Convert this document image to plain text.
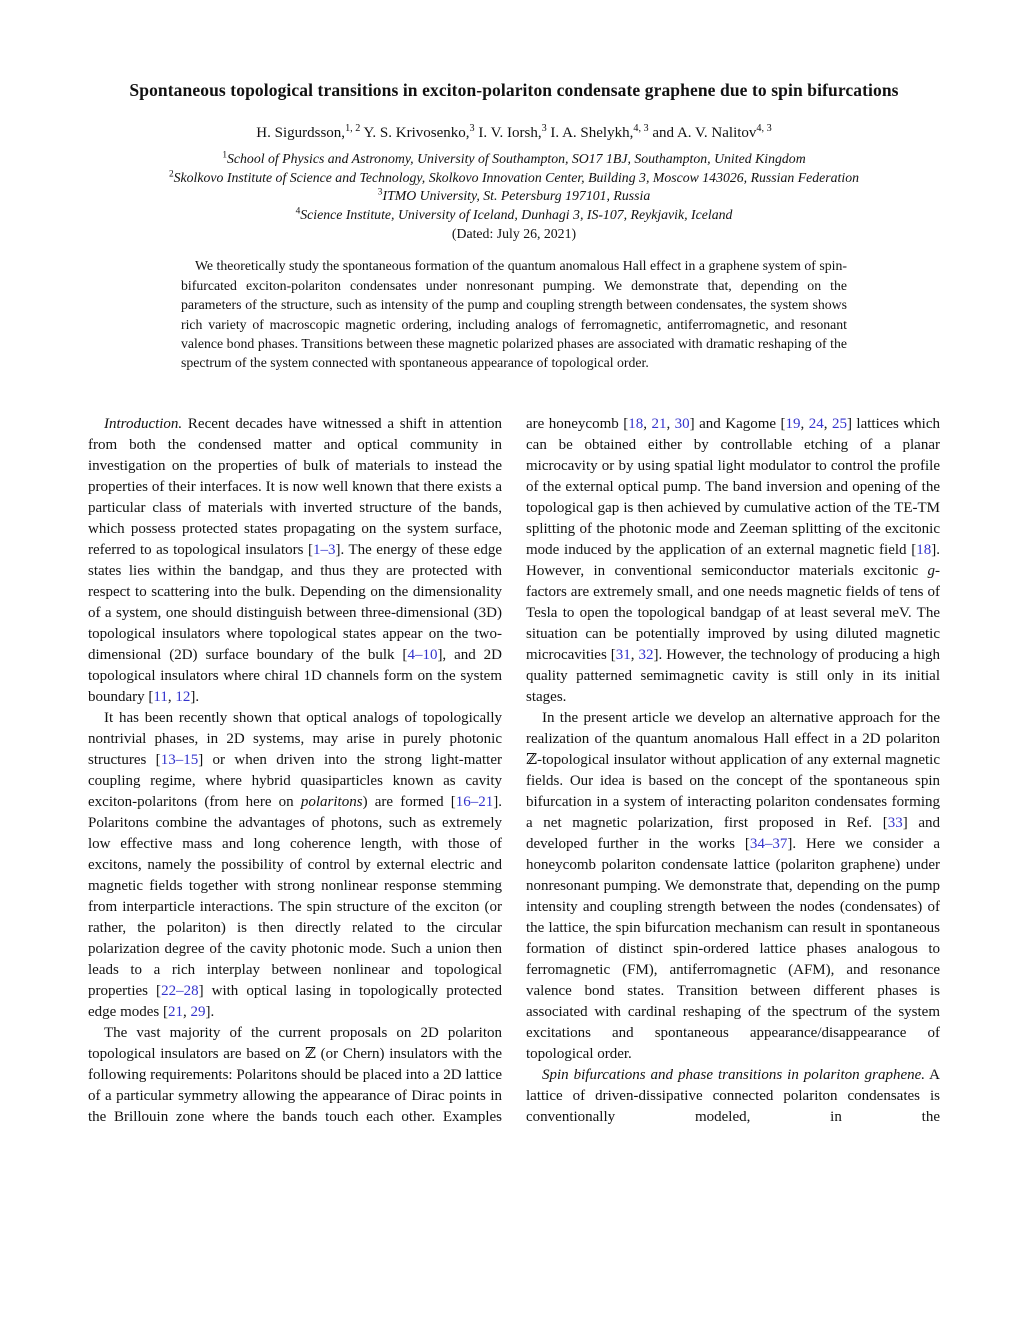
Spontaneous topological transitions in exciton-polariton condensate graphene due to spin bifurcations
H. Sigurdsson,$^{1, 2}$ Y. S. Krivosenko,$^3$ I. V. Iorsh,$^3$ I. A. Shelykh,$^{4, 3}$ and A. V. Nalitov$^{4, 3}$
$^1$School of Physics and Astronomy, University of Southampton, SO17 1BJ, Southampton, United Kingdom
$^2$Skolkovo Institute of Science and Technology, Skolkovo Innovation Center, Building 3, Moscow 143026, Russian Federation
$^3$ITMO University, St. Petersburg 197101, Russia
$^4$Science Institute, University of Iceland, Dunhagi 3, IS-107, Reykjavik, Iceland
(Dated: July 26, 2021)
We theoretically study the spontaneous formation of the quantum anomalous Hall effect in a graphene system of spin-bifurcated exciton-polariton condensates under nonresonant pumping. We demonstrate that, depending on the parameters of the structure, such as intensity of the pump and coupling strength between condensates, the system shows rich variety of macroscopic magnetic ordering, including analogs of ferromagnetic, antiferromagnetic, and resonant valence bond phases. Transitions between these magnetic polarized phases are associated with dramatic reshaping of the spectrum of the system connected with spontaneous appearance of topological order.

Introduction. Recent decades have witnessed a shift in attention from both the condensed matter and optical community in investigation on the properties of bulk of materials to instead the properties of their interfaces. It is now well known that there exists a particular class of materials with inverted structure of the bands, which possess protected states propagating on the system surface, referred to as topological insulators [1–3]. The energy of these edge states lies within the bandgap, and thus they are protected with respect to scattering into the bulk. Depending on the dimensionality of a system, one should distinguish between three-dimensional (3D) topological insulators where topological states appear on the two-dimensional (2D) surface boundary of the bulk [4–10], and 2D topological insulators where chiral 1D channels form on the system boundary [11, 12].

It has been recently shown that optical analogs of topologically nontrivial phases, in 2D systems, may arise in purely photonic structures [13–15] or when driven into the strong light-matter coupling regime, where hybrid quasiparticles known as cavity exciton-polaritons (from here on polaritons) are formed [16–21]. Polaritons combine the advantages of photons, such as extremely low effective mass and long coherence length, with those of excitons, namely the possibility of control by external electric and magnetic fields together with strong nonlinear response stemming from interparticle interactions. The spin structure of the exciton (or rather, the polariton) is then directly related to the circular polarization degree of the cavity photonic mode. Such a union then leads to a rich interplay between nonlinear and topological properties [22–28] with optical lasing in topologically protected edge modes [21, 29].

The vast majority of the current proposals on 2D polariton topological insulators are based on ℤ (or Chern) insulators with the following requirements: Polaritons should be placed into a 2D lattice of a particular symmetry allowing the appearance of Dirac points in the Brillouin zone where the bands touch each other. Examples

are honeycomb [18, 21, 30] and Kagome [19, 24, 25] lattices which can be obtained either by controllable etching of a planar microcavity or by using spatial light modulator to control the profile of the external optical pump. The band inversion and opening of the topological gap is then achieved by cumulative action of the TE-TM splitting of the photonic mode and Zeeman splitting of the excitonic mode induced by the application of an external magnetic field [18]. However, in conventional semiconductor materials excitonic g-factors are extremely small, and one needs magnetic fields of tens of Tesla to open the topological bandgap of at least several meV. The situation can be potentially improved by using diluted magnetic microcavities [31, 32]. However, the technology of producing a high quality patterned semimagnetic cavity is still only in its initial stages.

In the present article we develop an alternative approach for the realization of the quantum anomalous Hall effect in a 2D polariton ℤ-topological insulator without application of any external magnetic fields. Our idea is based on the concept of the spontaneous spin bifurcation in a system of interacting polariton condensates forming a net magnetic polarization, first proposed in Ref. [33] and developed further in the works [34–37]. Here we consider a honeycomb polariton condensate lattice (polariton graphene) under nonresonant pumping. We demonstrate that, depending on the pump intensity and coupling strength between the nodes (condensates) of the lattice, the spin bifurcation mechanism can result in spontaneous formation of distinct spin-ordered lattice phases analogous to ferromagnetic (FM), antiferromagnetic (AFM), and resonance valence bond states. Transition between different phases is associated with cardinal reshaping of the spectrum of the system excitations and spontaneous appearance/disappearance of topological order.

Spin bifurcations and phase transitions in polariton graphene. A lattice of driven-dissipative connected polariton condensates is conventionally modeled, in the
